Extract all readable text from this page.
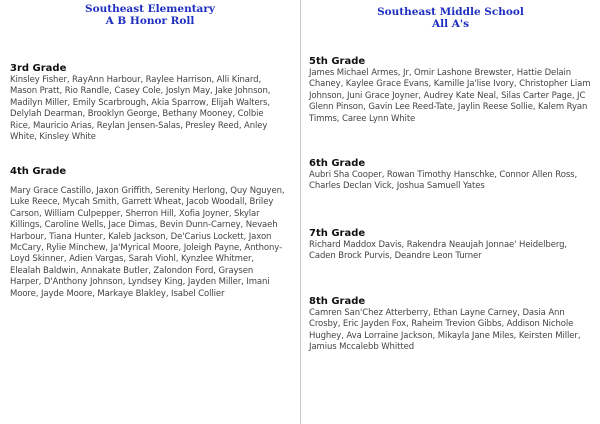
Southeast Elementary
A B Honor Roll

3rd Grade

Kinsley Fisher, RayAnn Harbour, Raylee Harrison, Alli Kinard, Mason Pratt, Rio Randle, Casey Cole, Joslyn May, Jake Johnson, Madilyn Miller, Emily Scarbrough, Akia Sparrow, Elijah Walters, Delylah Dearman, Brooklyn George, Bethany Mooney, Colbie Rice, Mauricio Arias, Reylan Jensen-Salas, Presley Reed, Anley White, Kinsley White

4th Grade

Mary Grace Castillo, Jaxon Griffith, Serenity Herlong, Quy Nguyen, Luke Reece, Mycah Smith, Garrett Wheat, Jacob Woodall, Briley Carson, William Culpepper, Sherron Hill, Xofia Joyner, Skylar Killings, Caroline Wells, Jace Dimas, Bevin Dunn-Carney, Nevaeh Harbour, Tiana Hunter, Kaleb Jackson, De'Carius Lockett, Jaxon McCary, Rylie Minchew, Ja'Myrical Moore, Joleigh Payne, Anthony-Loyd Skinner, Adien Vargas, Sarah Viohl, Kynzlee Whitmer, Elealah Baldwin, Annakate Butler, Zalondon Ford, Graysen Harper, D'Anthony Johnson, Lyndsey King, Jayden Miller, Imani Moore, Jayde Moore, Markaye Blakley, Isabel Collier

Southeast Middle School
All A's

5th Grade

James Michael Armes, Jr, Omir Lashone Brewster, Hattie Delain Chaney, Kaylee Grace Evans, Kamille Ja'lise Ivory, Christopher Liam Johnson, Juni Grace Joyner, Audrey Kate Neal, Silas Carter Page, JC Glenn Pinson, Gavin Lee Reed-Tate, Jaylin Reese Sollie, Kalem Ryan Timms, Caree Lynn White

6th Grade

Aubri Sha Cooper, Rowan Timothy Hanschke, Connor Allen Ross, Charles Declan Vick, Joshua Samuell Yates

7th Grade

Richard Maddox Davis, Rakendra Neaujah Jonnae' Heidelberg, Caden Brock Purvis, Deandre Leon Turner

8th Grade

Camren San'Chez Atterberry, Ethan Layne Carney, Dasia Ann Crosby, Eric Jayden Fox, Raheim Trevion Gibbs, Addison Nichole Hughey, Ava Lorraine Jackson, Mikayla Jane Miles, Keirsten Miller, Jamius Mccalebb Whitted
